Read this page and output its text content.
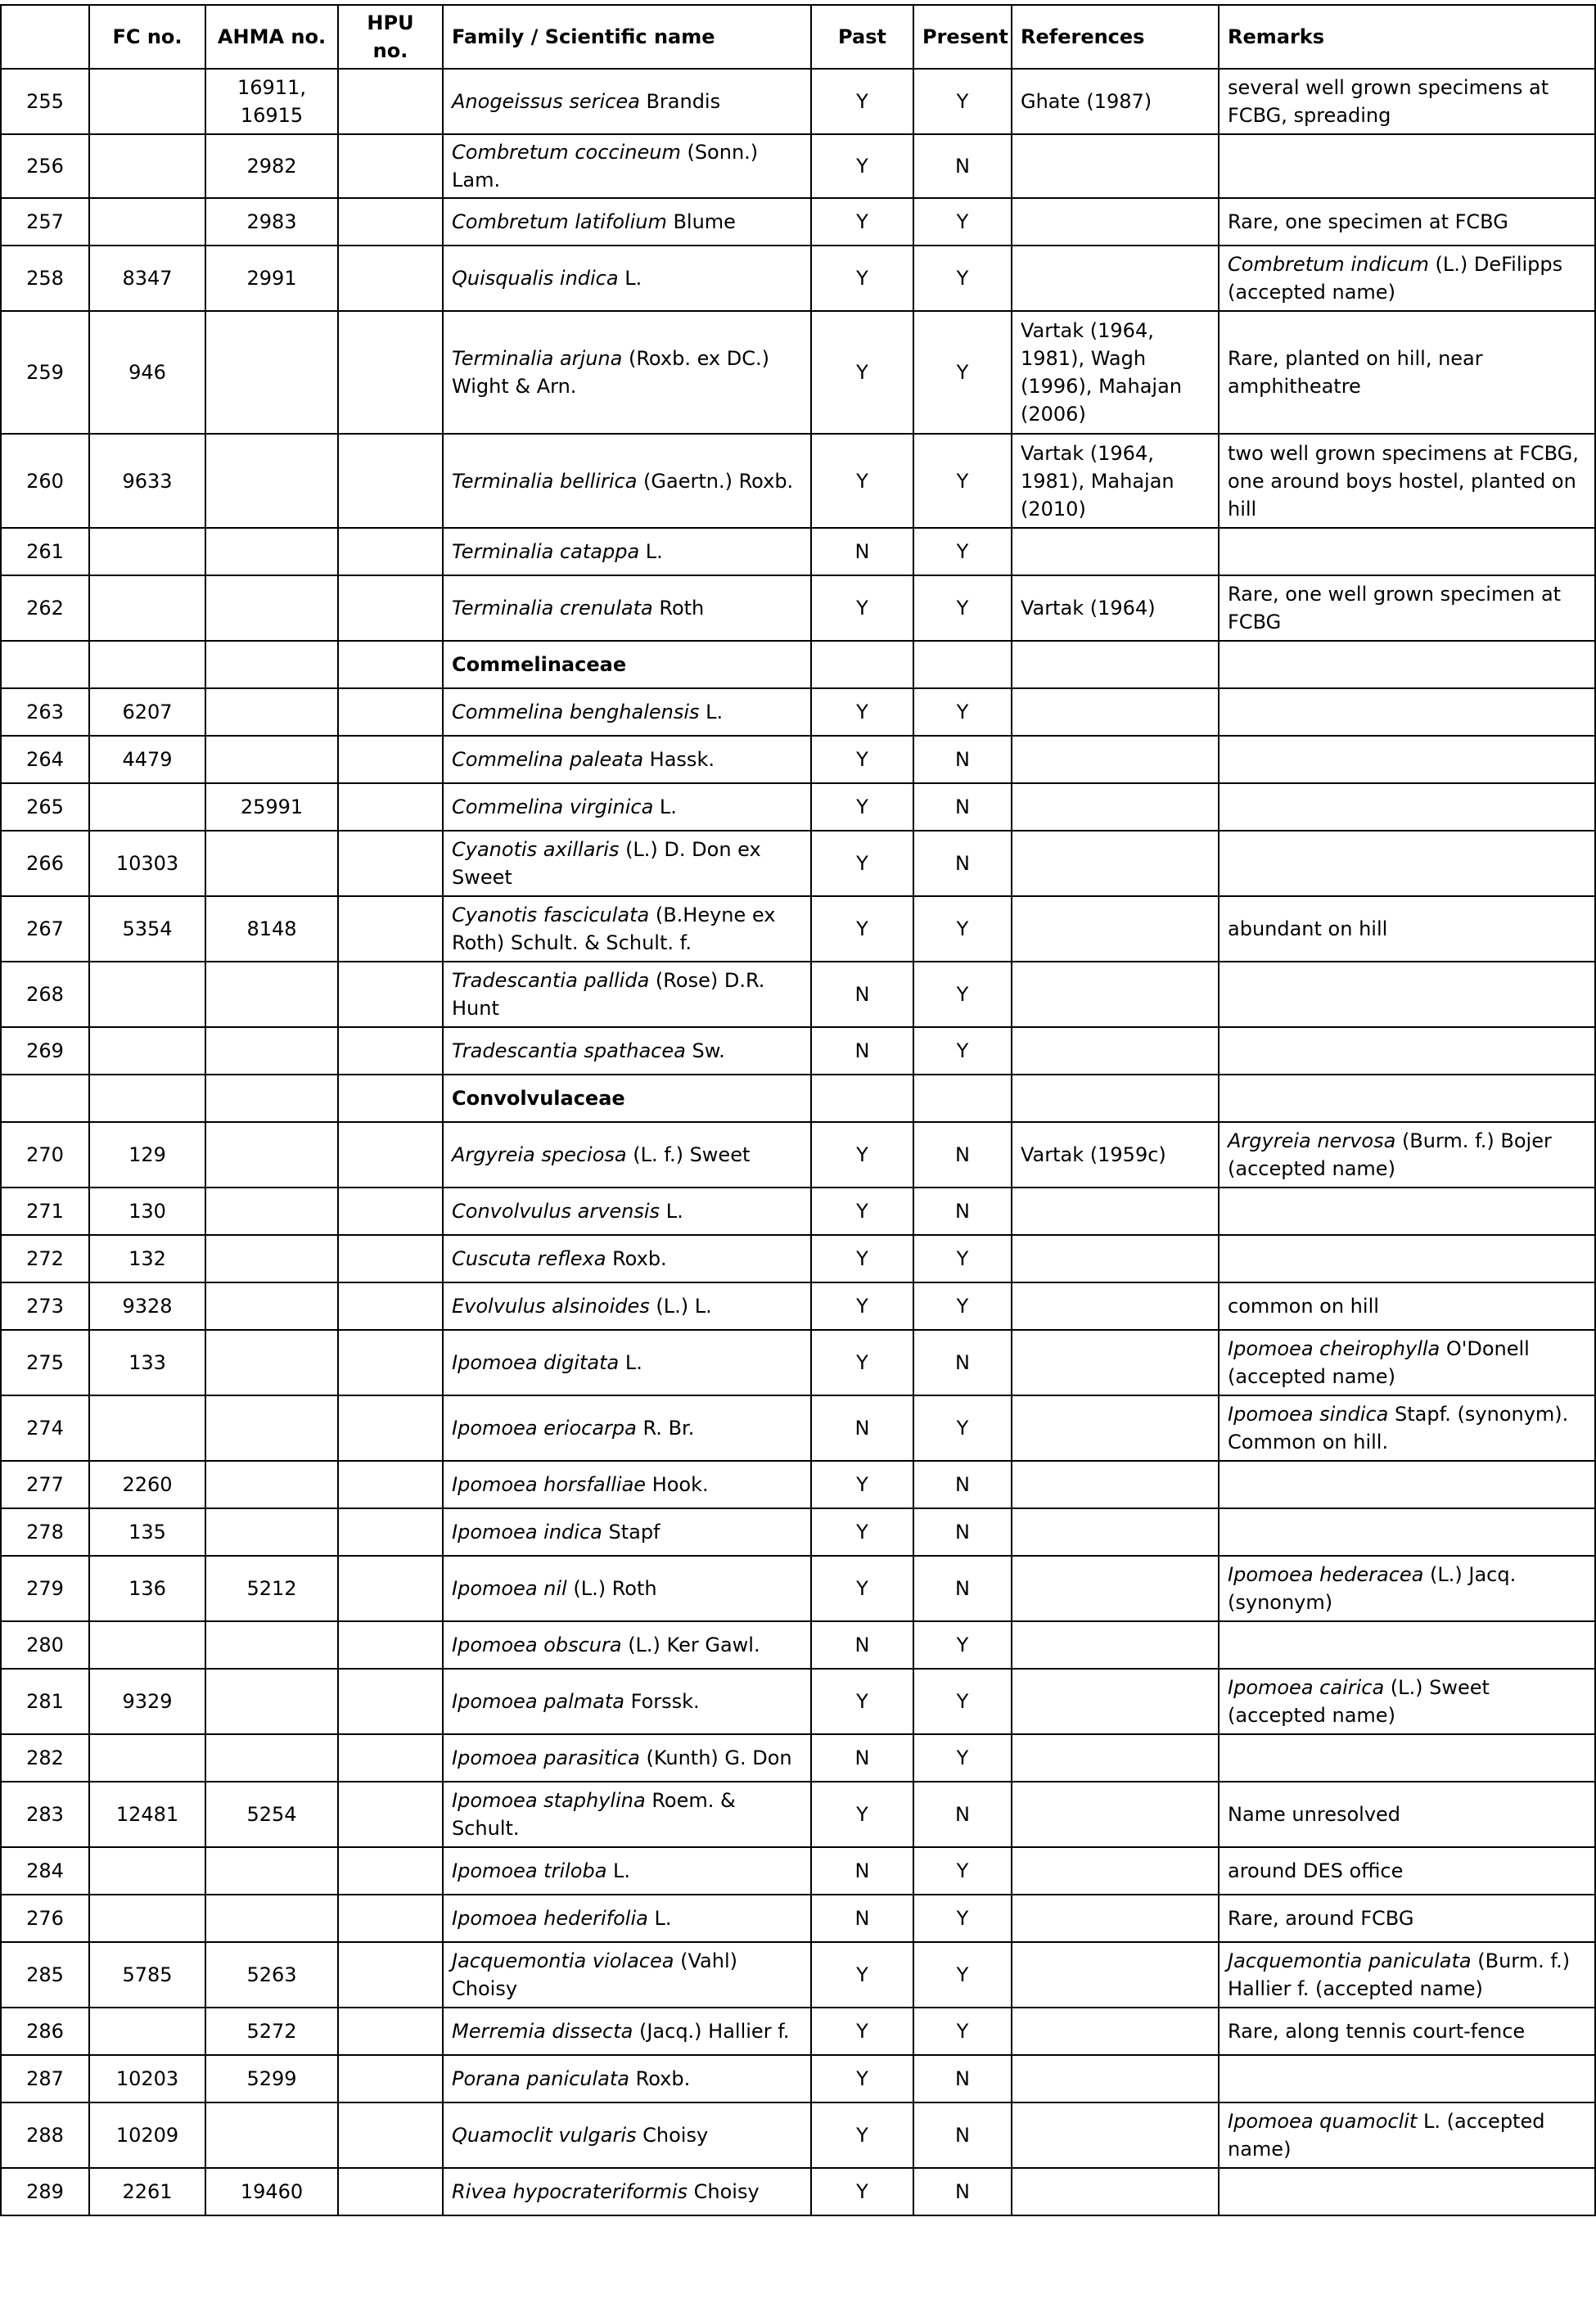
	FC no.	AHMA no.	HPU no.	Family / Scientific name	Past	Present	References	Remarks
255		16911, 16915		Anogeissus sericea Brandis	Y	Y	Ghate (1987)	several well grown specimens at FCBG, spreading
256		2982		Combretum coccineum (Sonn.) Lam.	Y	N		
257		2983		Combretum latifolium Blume	Y	Y		Rare, one specimen at FCBG
258	8347	2991		Quisqualis indica L.	Y	Y		Combretum indicum (L.) DeFilipps (accepted name)
259	946			Terminalia arjuna (Roxb. ex DC.) Wight & Arn.	Y	Y	Vartak (1964, 1981), Wagh (1996), Mahajan (2006)	Rare, planted on hill, near amphitheatre
260	9633			Terminalia bellirica (Gaertn.) Roxb.	Y	Y	Vartak (1964, 1981), Mahajan (2010)	two well grown specimens at FCBG, one around boys hostel, planted on hill
261				Terminalia catappa L.	N	Y		
262				Terminalia crenulata Roth	Y	Y	Vartak (1964)	Rare, one well grown specimen at FCBG
				Commelinaceae				
263	6207			Commelina benghalensis L.	Y	Y		
264	4479			Commelina paleata Hassk.	Y	N		
265		25991		Commelina virginica L.	Y	N		
266	10303			Cyanotis axillaris (L.) D. Don ex Sweet	Y	N		
267	5354	8148		Cyanotis fasciculata (B.Heyne ex Roth) Schult. & Schult. f.	Y	Y		abundant on hill
268				Tradescantia pallida (Rose) D.R. Hunt	N	Y		
269				Tradescantia spathacea Sw.	N	Y		
				Convolvulaceae				
270	129			Argyreia speciosa (L. f.) Sweet	Y	N	Vartak (1959c)	Argyreia nervosa (Burm. f.) Bojer (accepted name)
271	130			Convolvulus arvensis L.	Y	N		
272	132			Cuscuta reflexa Roxb.	Y	Y		
273	9328			Evolvulus alsinoides (L.) L.	Y	Y		common on hill
275	133			Ipomoea digitata L.	Y	N		Ipomoea cheirophylla O'Donell (accepted name)
274				Ipomoea eriocarpa R. Br.	N	Y		Ipomoea sindica Stapf. (synonym). Common on hill.
277	2260			Ipomoea horsfalliae Hook.	Y	N		
278	135			Ipomoea indica Stapf	Y	N		
279	136	5212		Ipomoea nil (L.) Roth	Y	N		Ipomoea hederacea (L.) Jacq. (synonym)
280				Ipomoea obscura (L.) Ker Gawl.	N	Y		
281	9329			Ipomoea palmata Forssk.	Y	Y		Ipomoea cairica (L.) Sweet (accepted name)
282				Ipomoea parasitica (Kunth) G. Don	N	Y		
283	12481	5254		Ipomoea staphylina Roem. & Schult.	Y	N		Name unresolved
284				Ipomoea triloba L.	N	Y		around DES office
276				Ipomoea hederifolia L.	N	Y		Rare, around FCBG
285	5785	5263		Jacquemontia violacea (Vahl) Choisy	Y	Y		Jacquemontia paniculata (Burm. f.) Hallier f. (accepted name)
286		5272		Merremia dissecta (Jacq.) Hallier f.	Y	Y		Rare, along tennis court-fence
287	10203	5299		Porana paniculata Roxb.	Y	N		
288	10209			Quamoclit vulgaris Choisy	Y	N		Ipomoea quamoclit L. (accepted name)
289	2261	19460		Rivea hypocrateriformis Choisy	Y	N		
